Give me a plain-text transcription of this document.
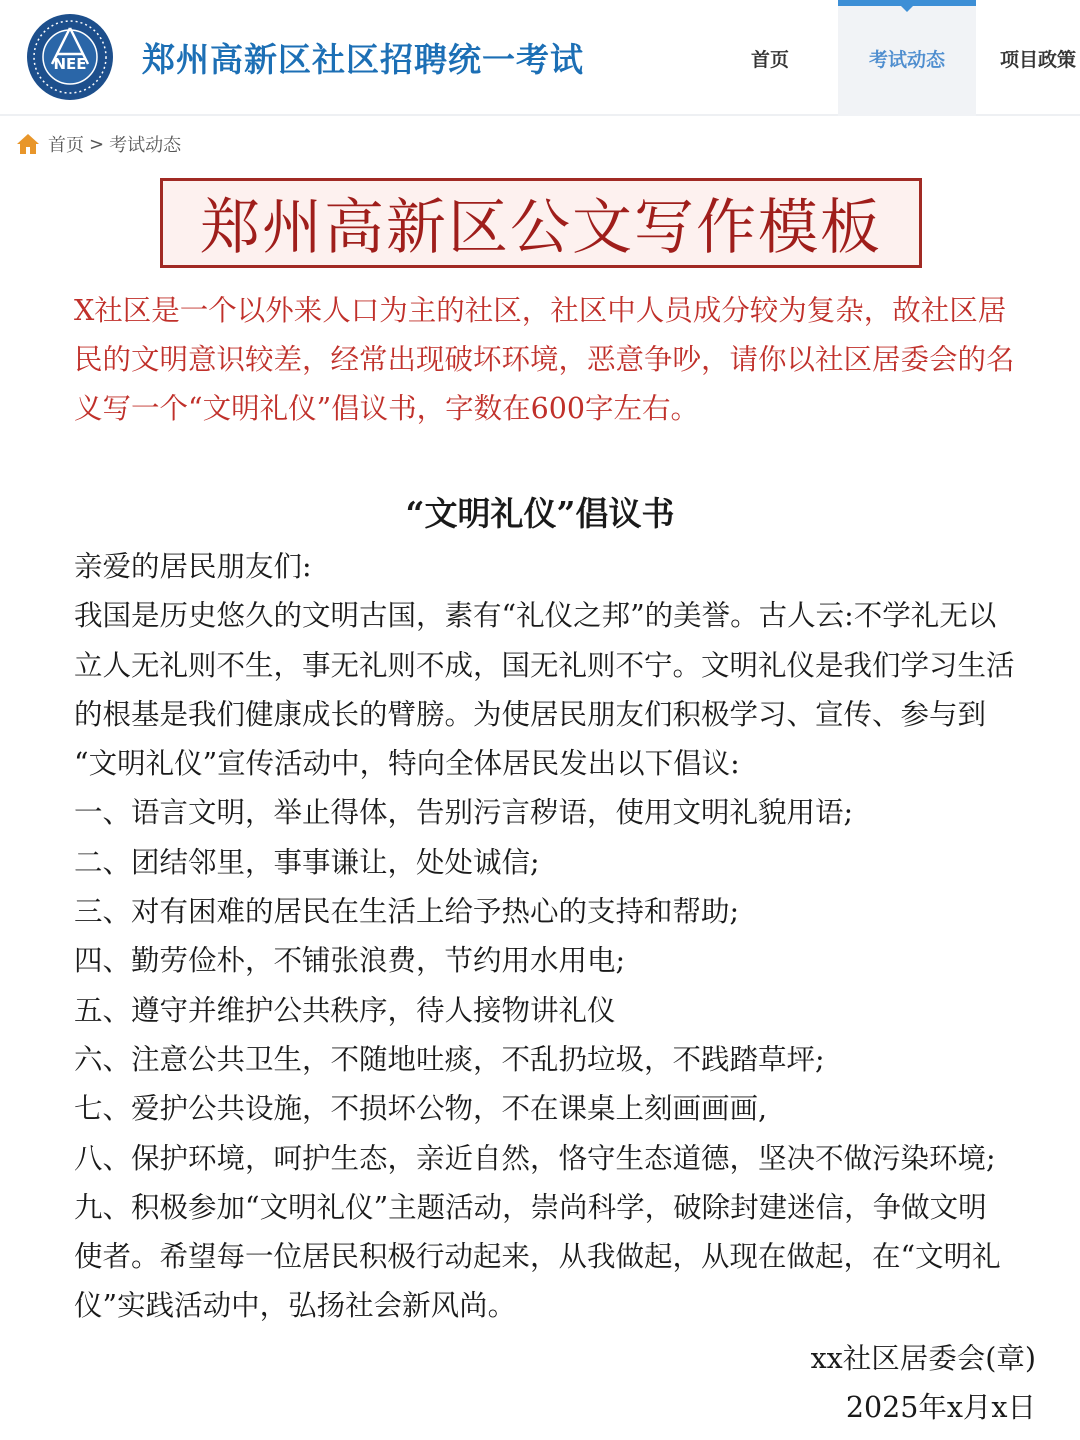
NEE 郑州高新区社区招聘统一考试	首页	考试动态	项目政策
首页 > 考试动态
郑州高新区公文写作模板

X社区是一个以外来人口为主的社区，社区中人员成分较为复杂，故社区居

民的文明意识较差，经常出现破坏环境，恶意争吵，请你以社区居委会的名

义写一个“文明礼仪”倡议书，字数在600字左右。

“文明礼仪”倡议书

亲爱的居民朋友们:

我国是历史悠久的文明古国，素有“礼仪之邦”的美誉。古人云:不学礼无以

立人无礼则不生，事无礼则不成，国无礼则不宁。文明礼仪是我们学习生活

的根基是我们健康成长的臂膀。为使居民朋友们积极学习、宣传、参与到

“文明礼仪”宣传活动中，特向全体居民发出以下倡议:

一、语言文明，举止得体，告别污言秽语，使用文明礼貌用语;

二、团结邻里，事事谦让，处处诚信;

三、对有困难的居民在生活上给予热心的支持和帮助;

四、勤劳俭朴，不铺张浪费，节约用水用电;

五、遵守并维护公共秩序，待人接物讲礼仪

六、注意公共卫生，不随地吐痰，不乱扔垃圾，不践踏草坪;

七、爱护公共设施，不损坏公物，不在课桌上刻画画画,

八、保护环境，呵护生态，亲近自然，恪守生态道德，坚决不做污染环境;

九、积极参加“文明礼仪”主题活动，崇尚科学，破除封建迷信，争做文明

使者。希望每一位居民积极行动起来，从我做起，从现在做起，在“文明礼

仪”实践活动中，弘扬社会新风尚。

xx社区居委会(章)

2025年x月x日
